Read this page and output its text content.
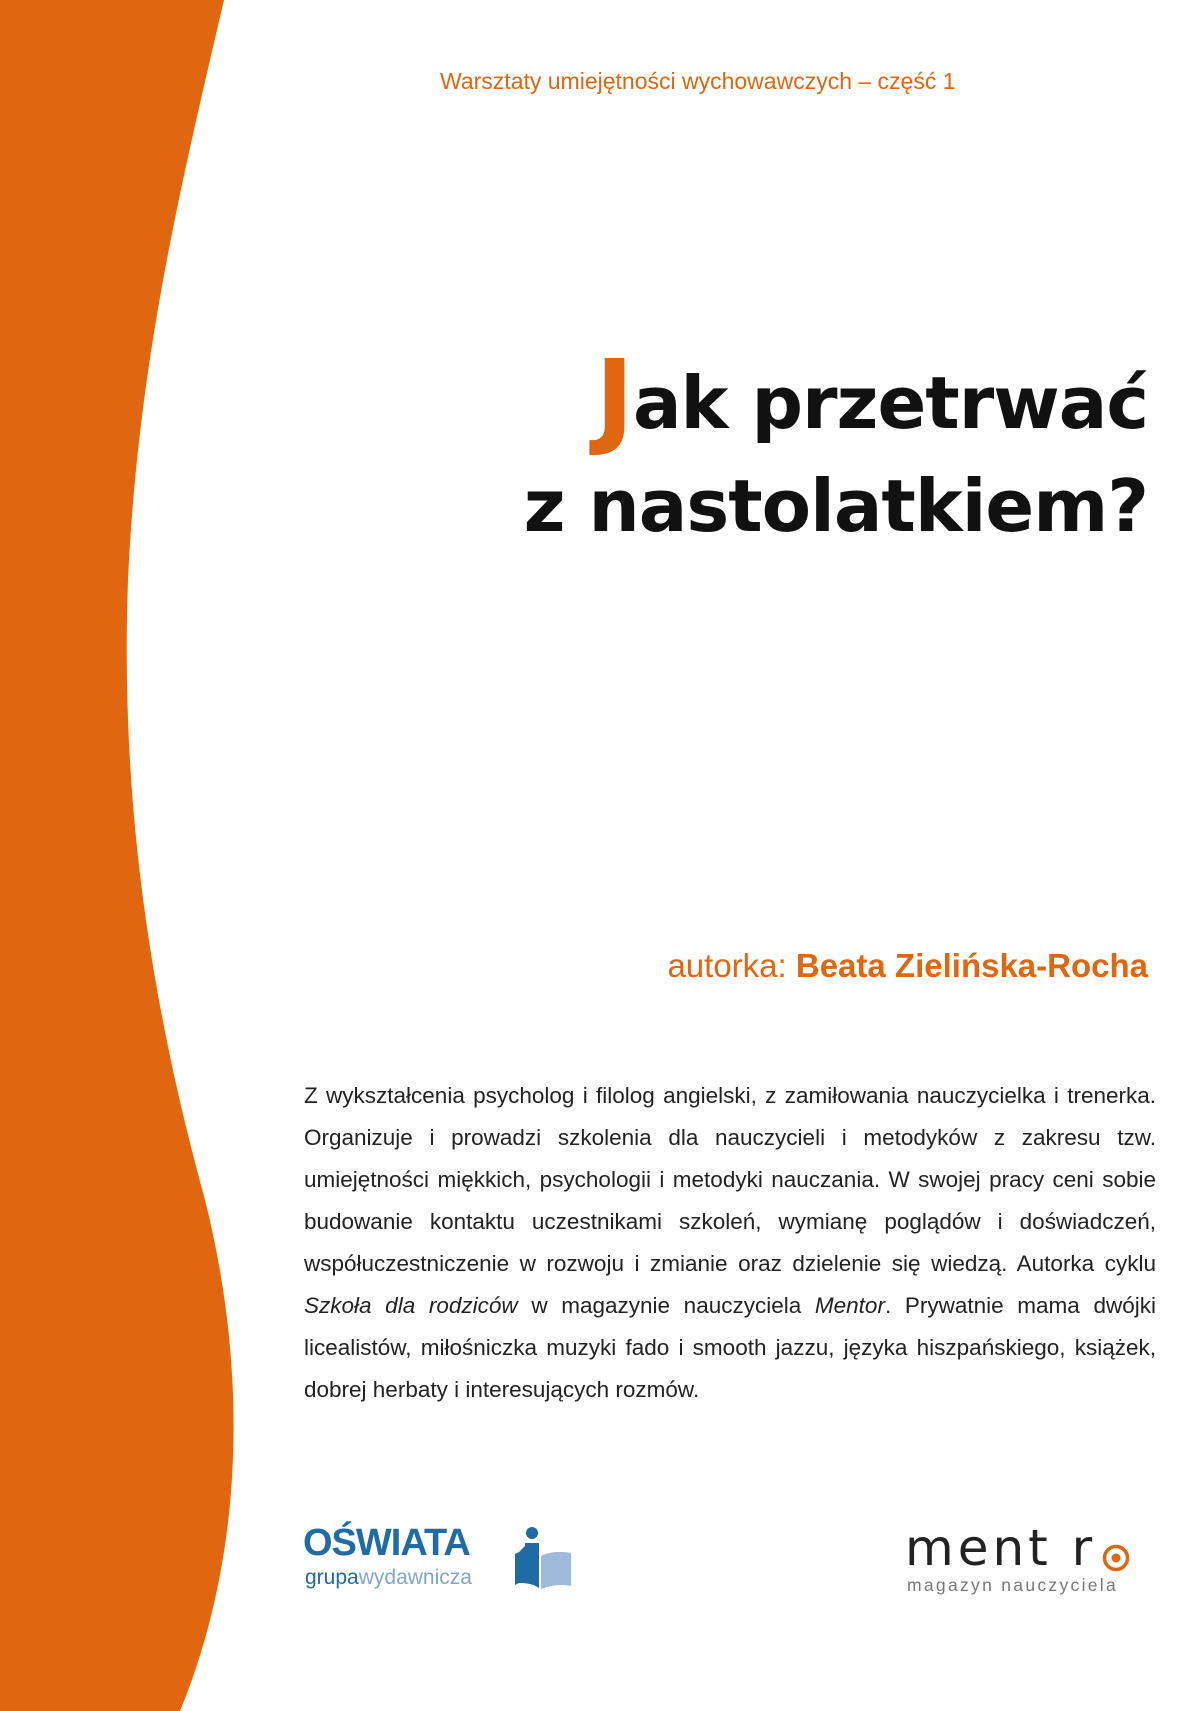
Warsztaty umiejętności wychowawczych – część 1
Jak przetrwać
z nastolatkiem?
autorka: Beata Zielińska-Rocha

Z wykształcenia psycholog i filolog angielski, z zamiłowania nauczycielka i trenerka. Organizuje i prowadzi szkolenia dla nauczycieli i metodyków z zakresu tzw. umiejętności miękkich, psychologii i metodyki nauczania. W swojej pracy ceni sobie budowanie kontaktu uczestnikami szkoleń, wymianę poglądów i doświadczeń, współuczestniczenie w rozwoju i zmianie oraz dzielenie się wiedzą. Autorka cyklu Szkoła dla rodziców w magazynie nauczyciela Mentor. Prywatnie mama dwójki licealistów, miłośniczka muzyki fado i smooth jazzu, języka hiszpańskiego, książek, dobrej herbaty i interesujących rozmów.

OŚWIATA
grupawydawnicza
ment r
magazyn nauczyciela
